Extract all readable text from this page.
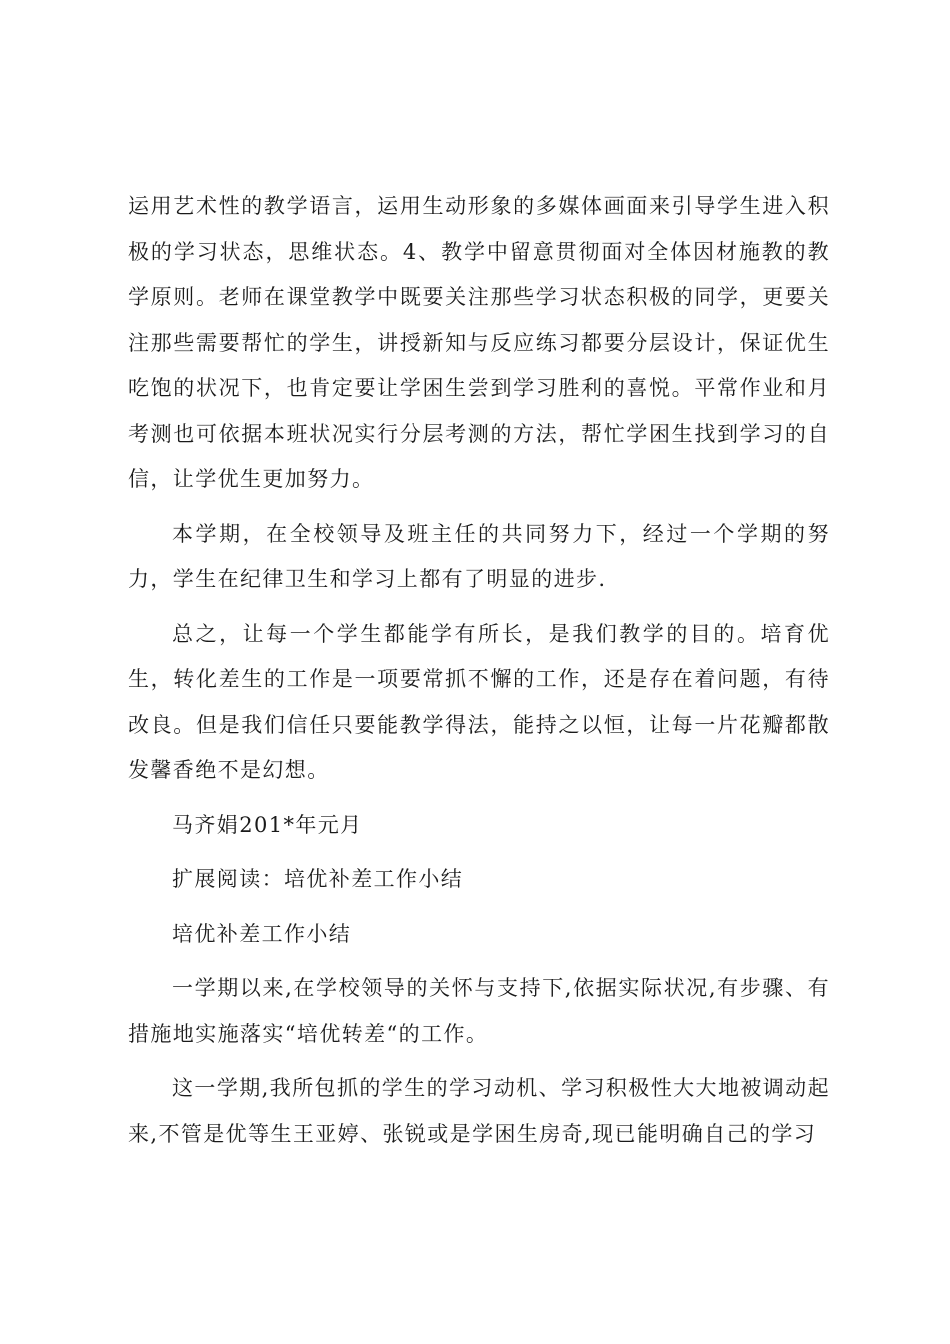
运用艺术性的教学语言，运用生动形象的多媒体画面来引导学生进入积极的学习状态，思维状态。4、教学中留意贯彻面对全体因材施教的教学原则。老师在课堂教学中既要关注那些学习状态积极的同学，更要关注那些需要帮忙的学生，讲授新知与反应练习都要分层设计，保证优生吃饱的状况下，也肯定要让学困生尝到学习胜利的喜悦。平常作业和月考测也可依据本班状况实行分层考测的方法，帮忙学困生找到学习的自信，让学优生更加努力。

本学期，在全校领导及班主任的共同努力下，经过一个学期的努力，学生在纪律卫生和学习上都有了明显的进步.

总之，让每一个学生都能学有所长，是我们教学的目的。培育优生，转化差生的工作是一项要常抓不懈的工作，还是存在着问题，有待改良。但是我们信任只要能教学得法，能持之以恒，让每一片花瓣都散发馨香绝不是幻想。

马齐娟201*年元月

扩展阅读：培优补差工作小结

培优补差工作小结

一学期以来,在学校领导的关怀与支持下,依据实际状况,有步骤、有措施地实施落实“培优转差“的工作。

这一学期,我所包抓的学生的学习动机、学习积极性大大地被调动起来,不管是优等生王亚婷、张锐或是学困生房奇,现已能明确自己的学习
